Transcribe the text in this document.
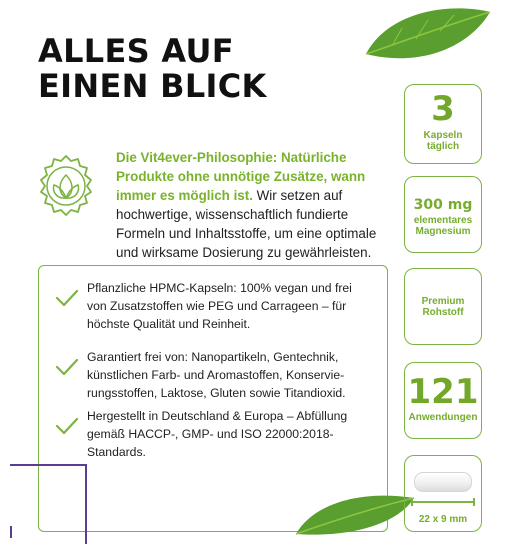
ALLES AUF
EINEN BLICK

Die Vit4ever-Philosophie: Natürliche Produkte ohne unnötige Zusätze, wann immer es möglich ist. Wir setzen auf hochwertige, wissenschaftlich fundierte Formeln und Inhaltsstoffe, um eine optimale und wirksame Dosierung zu gewährleisten.

Pflanzliche HPMC-Kapseln: 100% vegan und frei von Zusatzstoffen wie PEG und Carrageen – für höchste Qualität und Reinheit.

Garantiert frei von: Nanopartikeln, Gentechnik, künstlichen Farb- und Aromastoffen, Konservie-rungsstoffen, Laktose, Gluten sowie Titandioxid.

Hergestellt in Deutschland & Europa – Abfüllung gemäß HACCP-, GMP- und ISO 22000:2018-Standards.

3
Kapseln
täglich
300 mg
elementares
Magnesium
Premium
Rohstoff
121
Anwendungen
22 x 9 mm
